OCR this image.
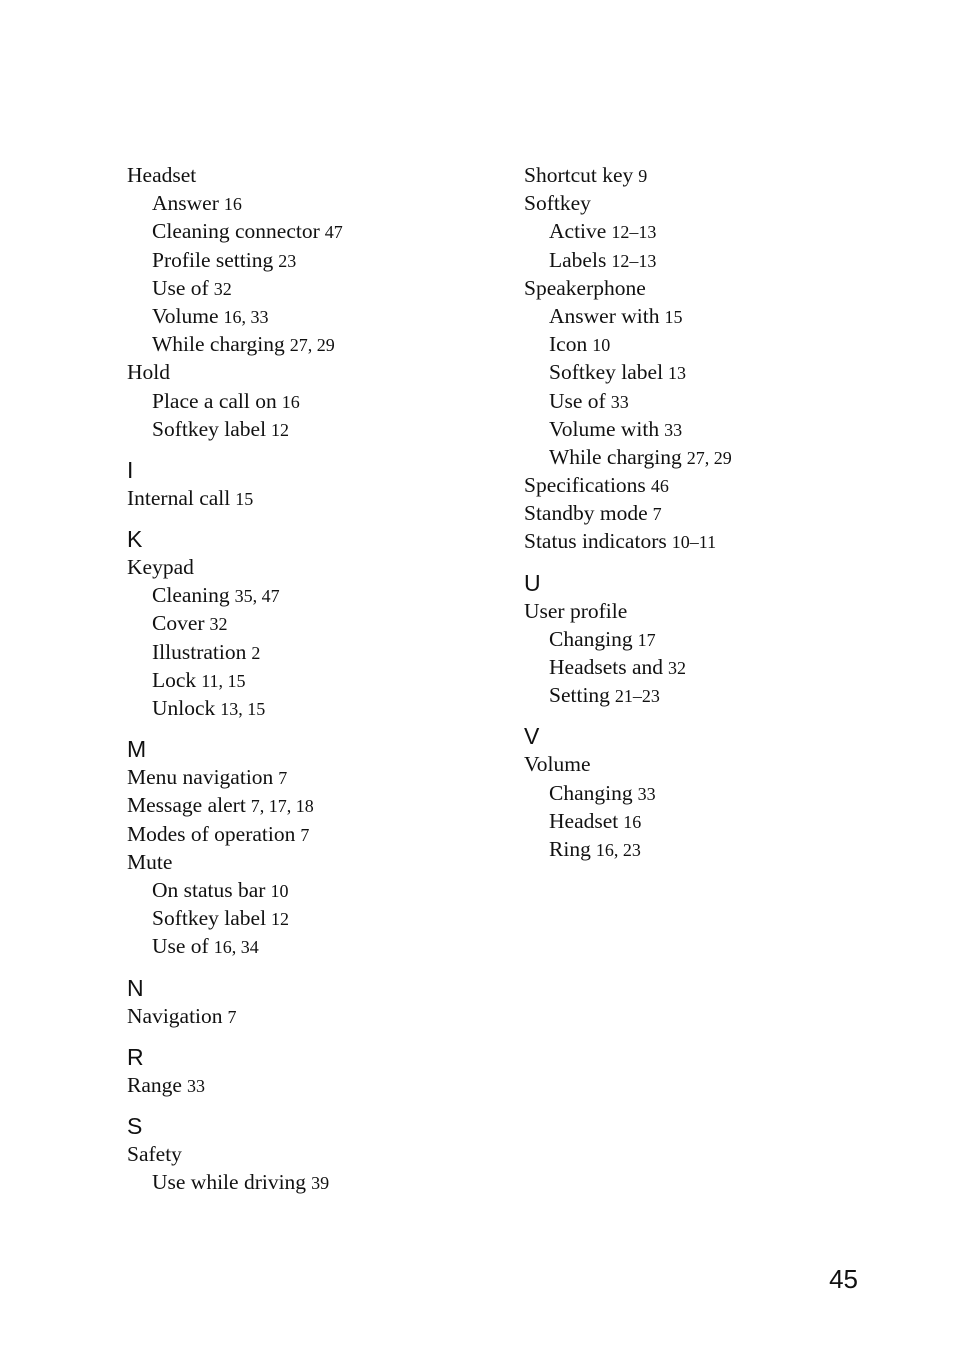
Headset
Answer 16
Cleaning connector 47
Profile setting 23
Use of 32
Volume 16, 33
While charging 27, 29
Hold
Place a call on 16
Softkey label 12
I
Internal call 15
K
Keypad
Cleaning 35, 47
Cover 32
Illustration 2
Lock 11, 15
Unlock 13, 15
M
Menu navigation 7
Message alert 7, 17, 18
Modes of operation 7
Mute
On status bar 10
Softkey label 12
Use of 16, 34
N
Navigation 7
R
Range 33
S
Safety
Use while driving 39
Shortcut key 9
Softkey
Active 12–13
Labels 12–13
Speakerphone
Answer with 15
Icon 10
Softkey label 13
Use of 33
Volume with 33
While charging 27, 29
Specifications 46
Standby mode 7
Status indicators 10–11
U
User profile
Changing 17
Headsets and 32
Setting 21–23
V
Volume
Changing 33
Headset 16
Ring 16, 23
45
